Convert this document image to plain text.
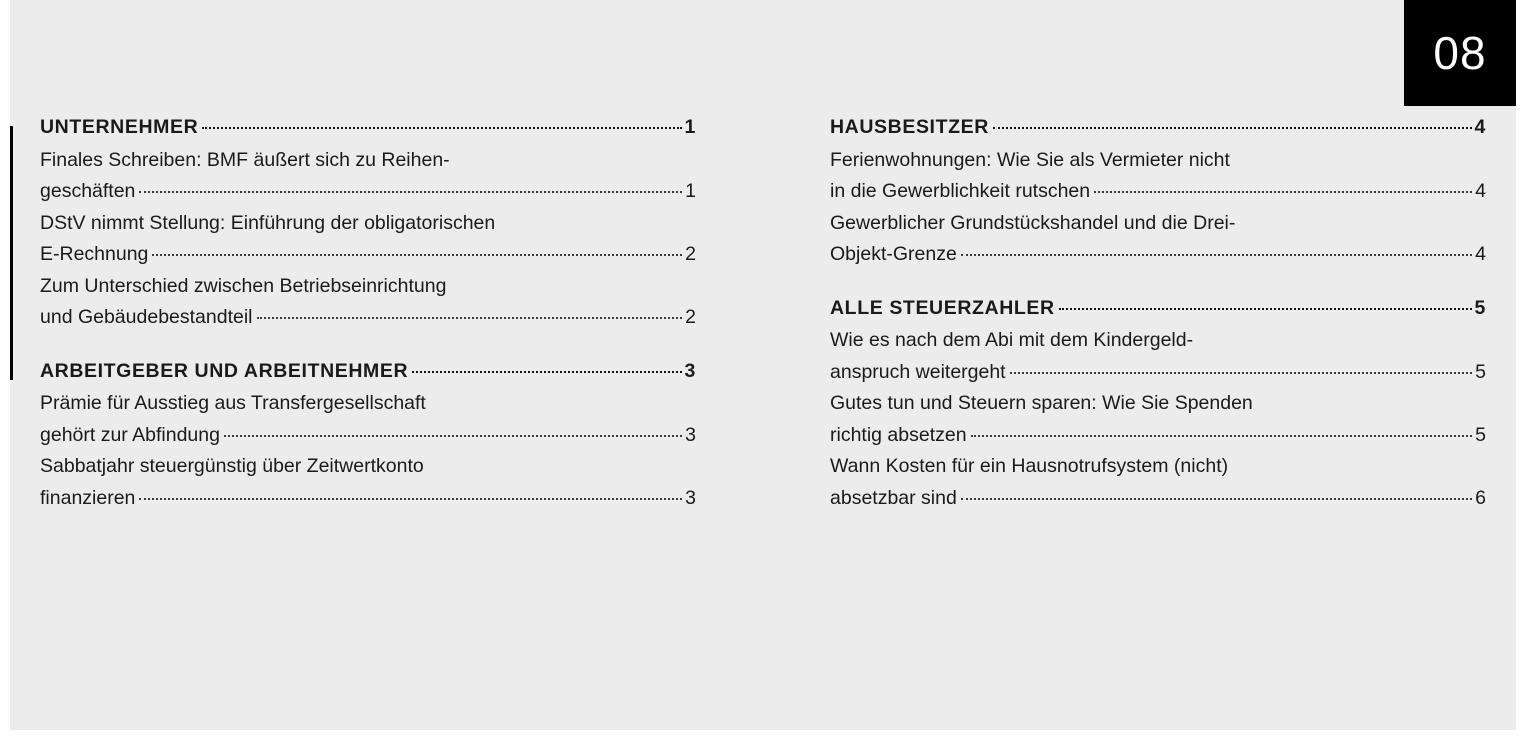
08
UNTERNEHMER	1
Finales Schreiben: BMF äußert sich zu Reihen-
geschäften	1
DStV nimmt Stellung: Einführung der obligatorischen
E-Rechnung	2
Zum Unterschied zwischen Betriebseinrichtung
und Gebäudebestandteil	2
ARBEITGEBER UND ARBEITNEHMER	3
Prämie für Ausstieg aus Transfergesellschaft
gehört zur Abfindung	3
Sabbatjahr steuergünstig über Zeitwertkonto
finanzieren	3
HAUSBESITZER	4
Ferienwohnungen: Wie Sie als Vermieter nicht
in die Gewerblichkeit rutschen	4
Gewerblicher Grundstückshandel und die Drei-
Objekt-Grenze	4
ALLE STEUERZAHLER	5
Wie es nach dem Abi mit dem Kindergeld-
anspruch weitergeht	5
Gutes tun und Steuern sparen: Wie Sie Spenden
richtig absetzen	5
Wann Kosten für ein Hausnotrufsystem (nicht)
absetzbar sind	6
